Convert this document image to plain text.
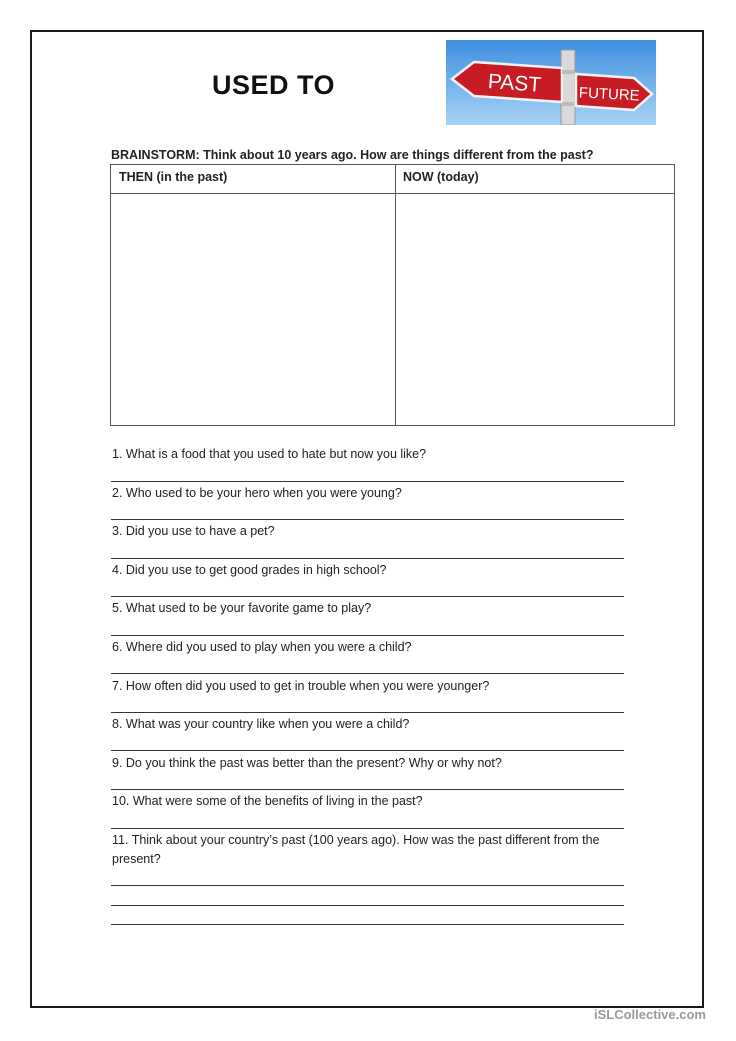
USED TO	PAST FUTURE
BRAINSTORM: Think about 10 years ago. How are things different from the past?
THEN (in the past)	NOW (today)
1. What is a food that you used to hate but now you like?
2. Who used to be your hero when you were young?
3. Did you use to have a pet?
4. Did you use to get good grades in high school?
5. What used to be your favorite game to play?
6. Where did you used to play when you were a child?
7. How often did you used to get in trouble when you were younger?
8. What was your country like when you were a child?
9. Do you think the past was better than the present? Why or why not?
10. What were some of the benefits of living in the past?
11. Think about your country’s past (100 years ago). How was the past different from the present?
iSLCollective.com
